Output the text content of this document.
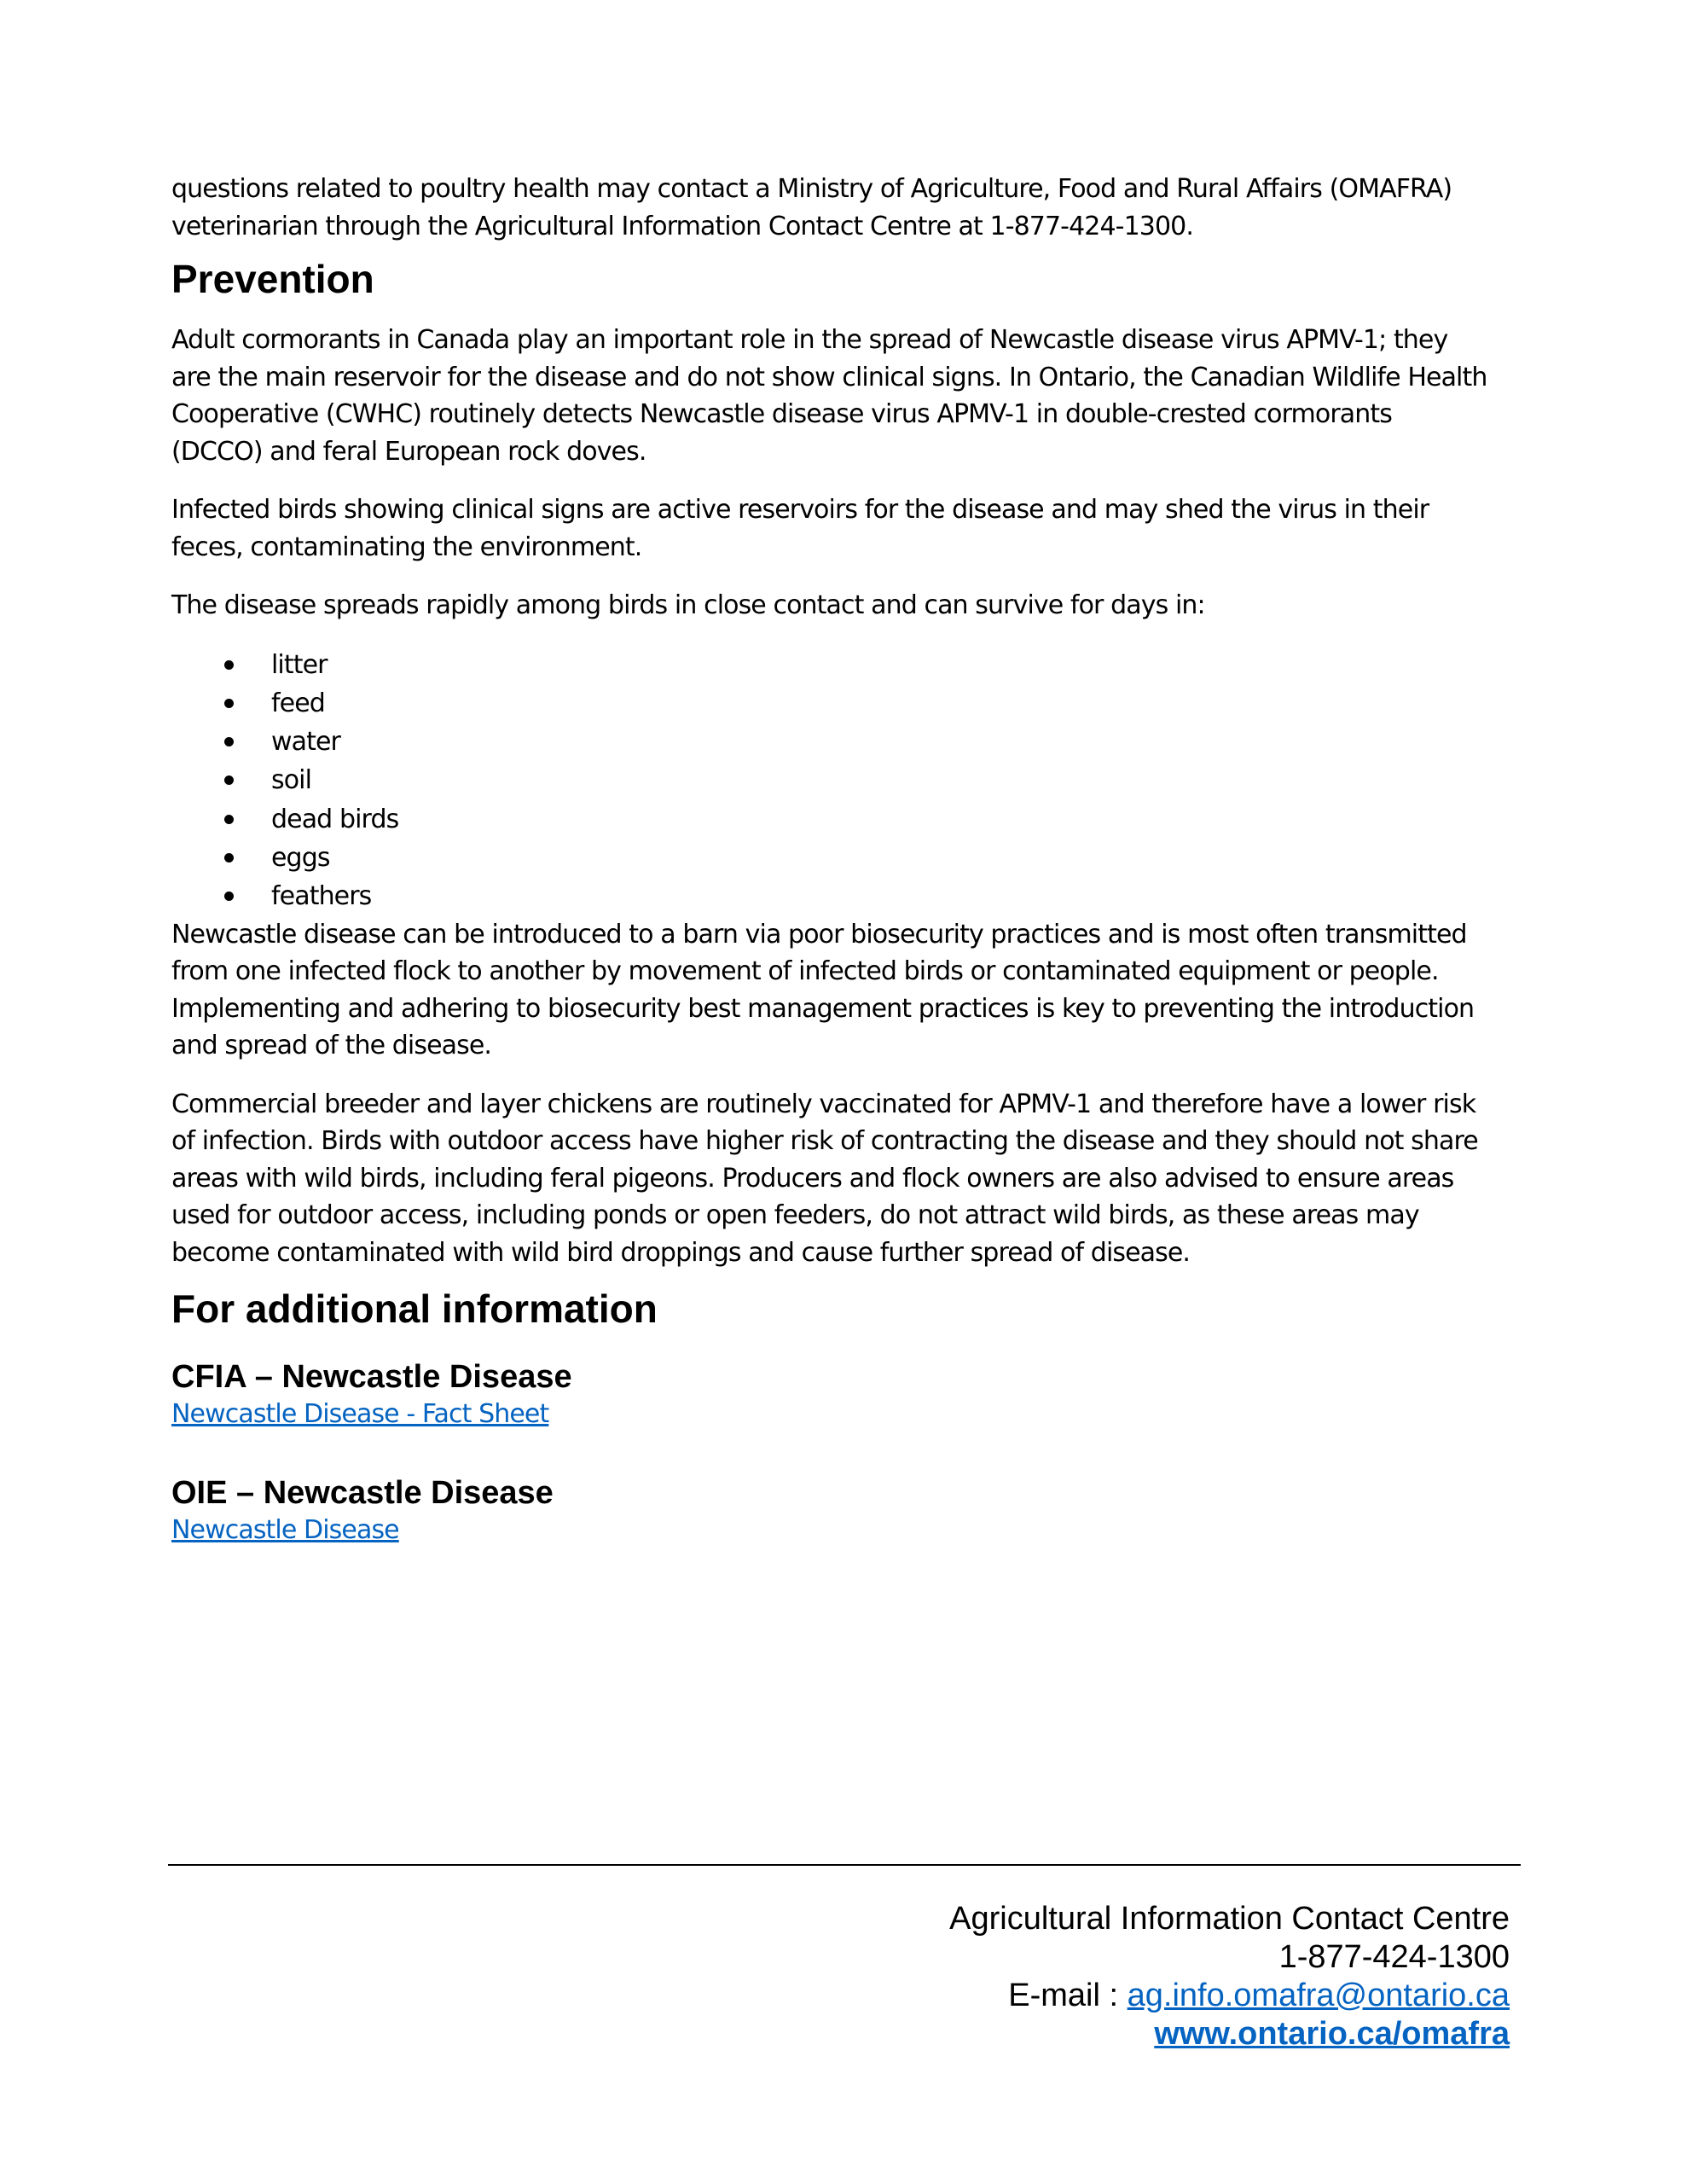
questions related to poultry health may contact a Ministry of Agriculture, Food and Rural Affairs (OMAFRA)
veterinarian through the Agricultural Information Contact Centre at 1-877-424-1300.

Prevention

Adult cormorants in Canada play an important role in the spread of Newcastle disease virus APMV-1; they
are the main reservoir for the disease and do not show clinical signs. In Ontario, the Canadian Wildlife Health
Cooperative (CWHC) routinely detects Newcastle disease virus APMV-1 in double-crested cormorants
(DCCO) and feral European rock doves.

Infected birds showing clinical signs are active reservoirs for the disease and may shed the virus in their
feces, contaminating the environment.

The disease spreads rapidly among birds in close contact and can survive for days in:

litter
feed
water
soil
dead birds
eggs
feathers

Newcastle disease can be introduced to a barn via poor biosecurity practices and is most often transmitted
from one infected flock to another by movement of infected birds or contaminated equipment or people.
Implementing and adhering to biosecurity best management practices is key to preventing the introduction
and spread of the disease.

Commercial breeder and layer chickens are routinely vaccinated for APMV-1 and therefore have a lower risk
of infection. Birds with outdoor access have higher risk of contracting the disease and they should not share
areas with wild birds, including feral pigeons. Producers and flock owners are also advised to ensure areas
used for outdoor access, including ponds or open feeders, do not attract wild birds, as these areas may
become contaminated with wild bird droppings and cause further spread of disease.

For additional information
CFIA – Newcastle Disease
Newcastle Disease - Fact Sheet
OIE – Newcastle Disease
Newcastle Disease
Agricultural Information Contact Centre
1-877-424-1300
E-mail : ag.info.omafra@ontario.ca
www.ontario.ca/omafra
